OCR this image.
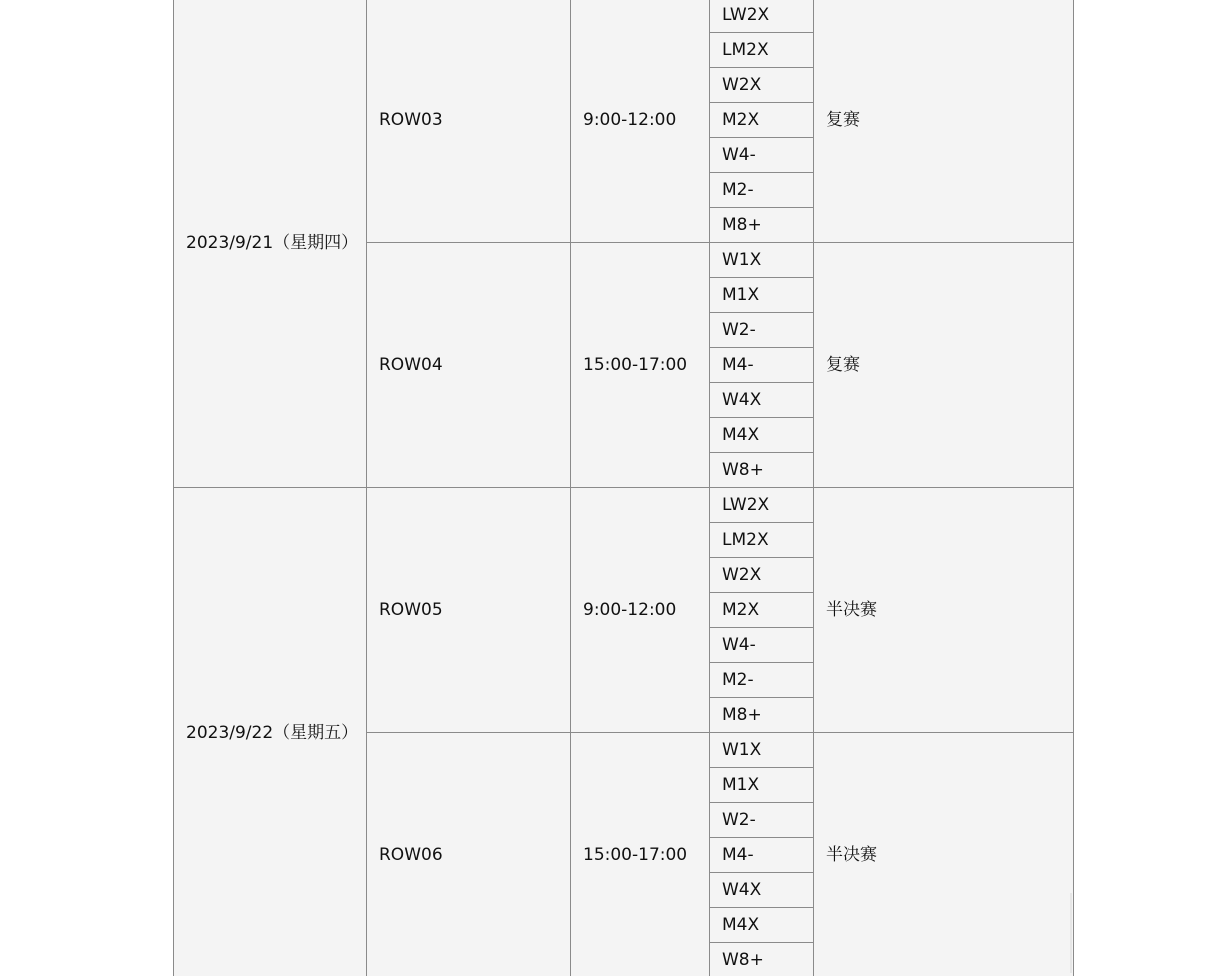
2023/9/21（星期四）	ROW03	9:00-12:00	LW2X	复赛
			LM2X	
			W2X	
			M2X	
			W4-	
			M2-	
			M8+	
	ROW04	15:00-17:00	W1X	复赛
			M1X	
			W2-	
			M4-	
			W4X	
			M4X	
			W8+	
2023/9/22（星期五）	ROW05	9:00-12:00	LW2X	半决赛
			LM2X	
			W2X	
			M2X	
			W4-	
			M2-	
			M8+	
	ROW06	15:00-17:00	W1X	半决赛
			M1X	
			W2-	
			M4-	
			W4X	
			M4X	
			W8+	
